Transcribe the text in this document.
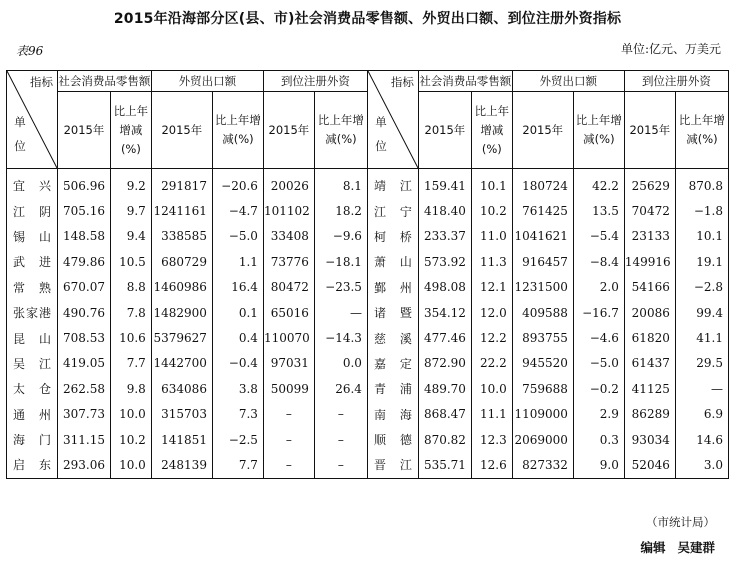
2015年沿海部分区(县、市)社会消费品零售额、外贸出口额、到位注册外资指标
表96	单位:亿元、万美元
指标
单位	社会消费品零售额		外贸出口额		到位注册外资		指标
单位	社会消费品零售额		外贸出口额		到位注册外资	
	2015年	比上年增减(%)	2015年	比上年增减(%)	2015年	比上年增减(%)		2015年	比上年增减(%)	2015年	比上年增减(%)	2015年	比上年增减(%)
宜兴	506.96	9.2	291817	−20.6	20026	8.1	靖江	159.41	10.1	180724	42.2	25629	870.8
江阴	705.16	9.7	1241161	−4.7	101102	18.2	江宁	418.40	10.2	761425	13.5	70472	−1.8
锡山	148.58	9.4	338585	−5.0	33408	−9.6	柯桥	233.37	11.0	1041621	−5.4	23133	10.1
武进	479.86	10.5	680729	1.1	73776	−18.1	萧山	573.92	11.3	916457	−8.4	149916	19.1
常熟	670.07	8.8	1460986	16.4	80472	−23.5	鄞州	498.08	12.1	1231500	2.0	54166	−2.8
张家港	490.76	7.8	1482900	0.1	65016	—	诸暨	354.12	12.0	409588	−16.7	20086	99.4
昆山	708.53	10.6	5379627	0.4	110070	−14.3	慈溪	477.46	12.2	893755	−4.6	61820	41.1
吴江	419.05	7.7	1442700	−0.4	97031	0.0	嘉定	872.90	22.2	945520	−5.0	61437	29.5
太仓	262.58	9.8	634086	3.8	50099	26.4	青浦	489.70	10.0	759688	−0.2	41125	—
通州	307.73	10.0	315703	7.3	–	–	南海	868.47	11.1	1109000	2.9	86289	6.9
海门	311.15	10.2	141851	−2.5	–	–	顺德	870.82	12.3	2069000	0.3	93034	14.6
启东	293.06	10.0	248139	7.7	–	–	晋江	535.71	12.6	827332	9.0	52046	3.0
（市统计局）
编辑 吴建群
